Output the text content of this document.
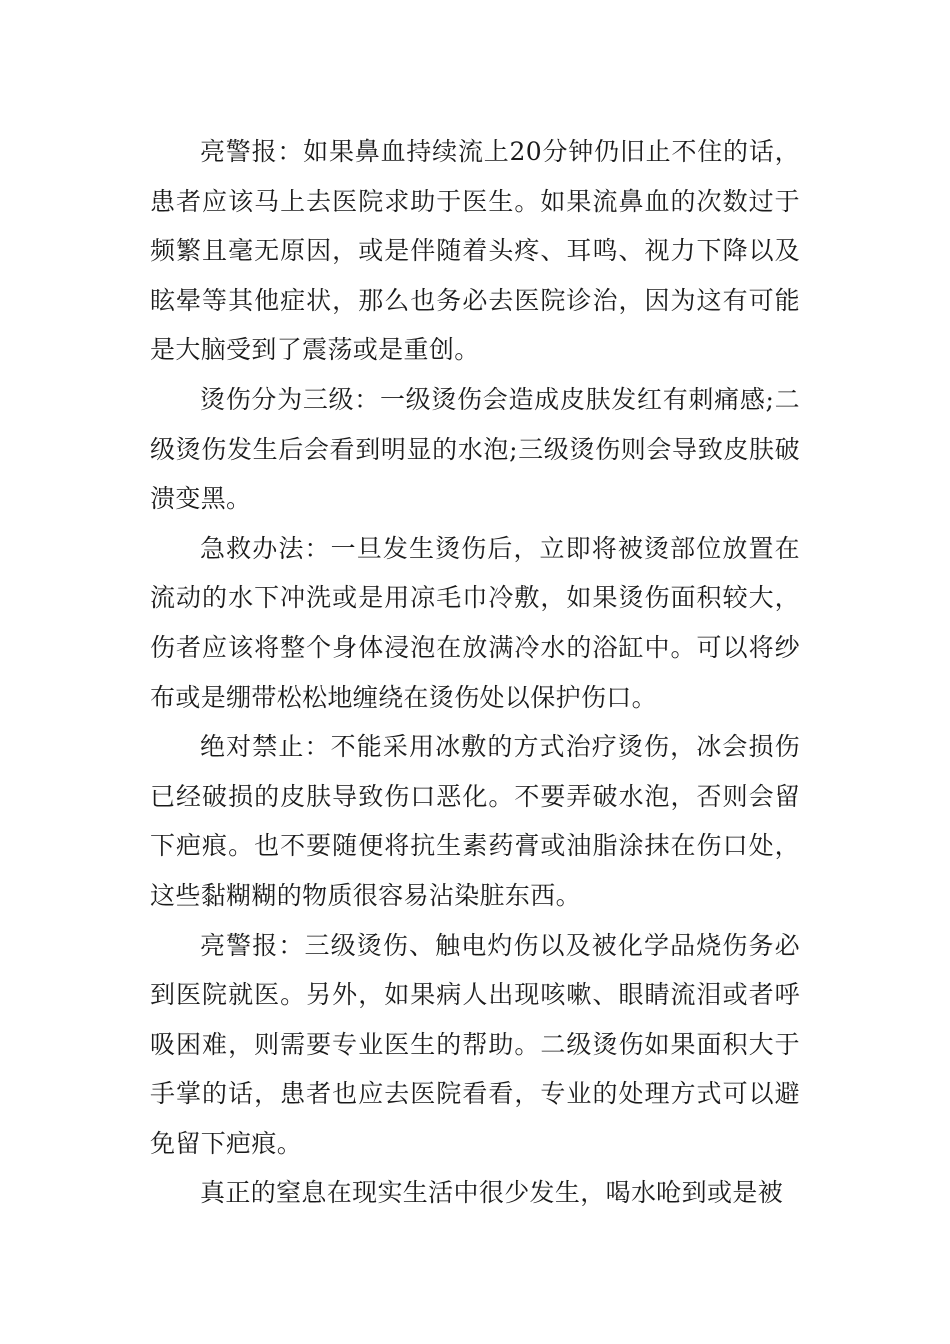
亮警报：如果鼻血持续流上20分钟仍旧止不住的话，患者应该马上去医院求助于医生。如果流鼻血的次数过于频繁且毫无原因，或是伴随着头疼、耳鸣、视力下降以及眩晕等其他症状，那么也务必去医院诊治，因为这有可能是大脑受到了震荡或是重创。

烫伤分为三级：一级烫伤会造成皮肤发红有刺痛感;二级烫伤发生后会看到明显的水泡;三级烫伤则会导致皮肤破溃变黑。

急救办法：一旦发生烫伤后，立即将被烫部位放置在流动的水下冲洗或是用凉毛巾冷敷，如果烫伤面积较大，伤者应该将整个身体浸泡在放满冷水的浴缸中。可以将纱布或是绷带松松地缠绕在烫伤处以保护伤口。

绝对禁止：不能采用冰敷的方式治疗烫伤，冰会损伤已经破损的皮肤导致伤口恶化。不要弄破水泡，否则会留下疤痕。也不要随便将抗生素药膏或油脂涂抹在伤口处，这些黏糊糊的物质很容易沾染脏东西。

亮警报：三级烫伤、触电灼伤以及被化学品烧伤务必到医院就医。另外，如果病人出现咳嗽、眼睛流泪或者呼吸困难，则需要专业医生的帮助。二级烫伤如果面积大于手掌的话，患者也应去医院看看，专业的处理方式可以避免留下疤痕。

真正的窒息在现实生活中很少发生，喝水呛到或是被
